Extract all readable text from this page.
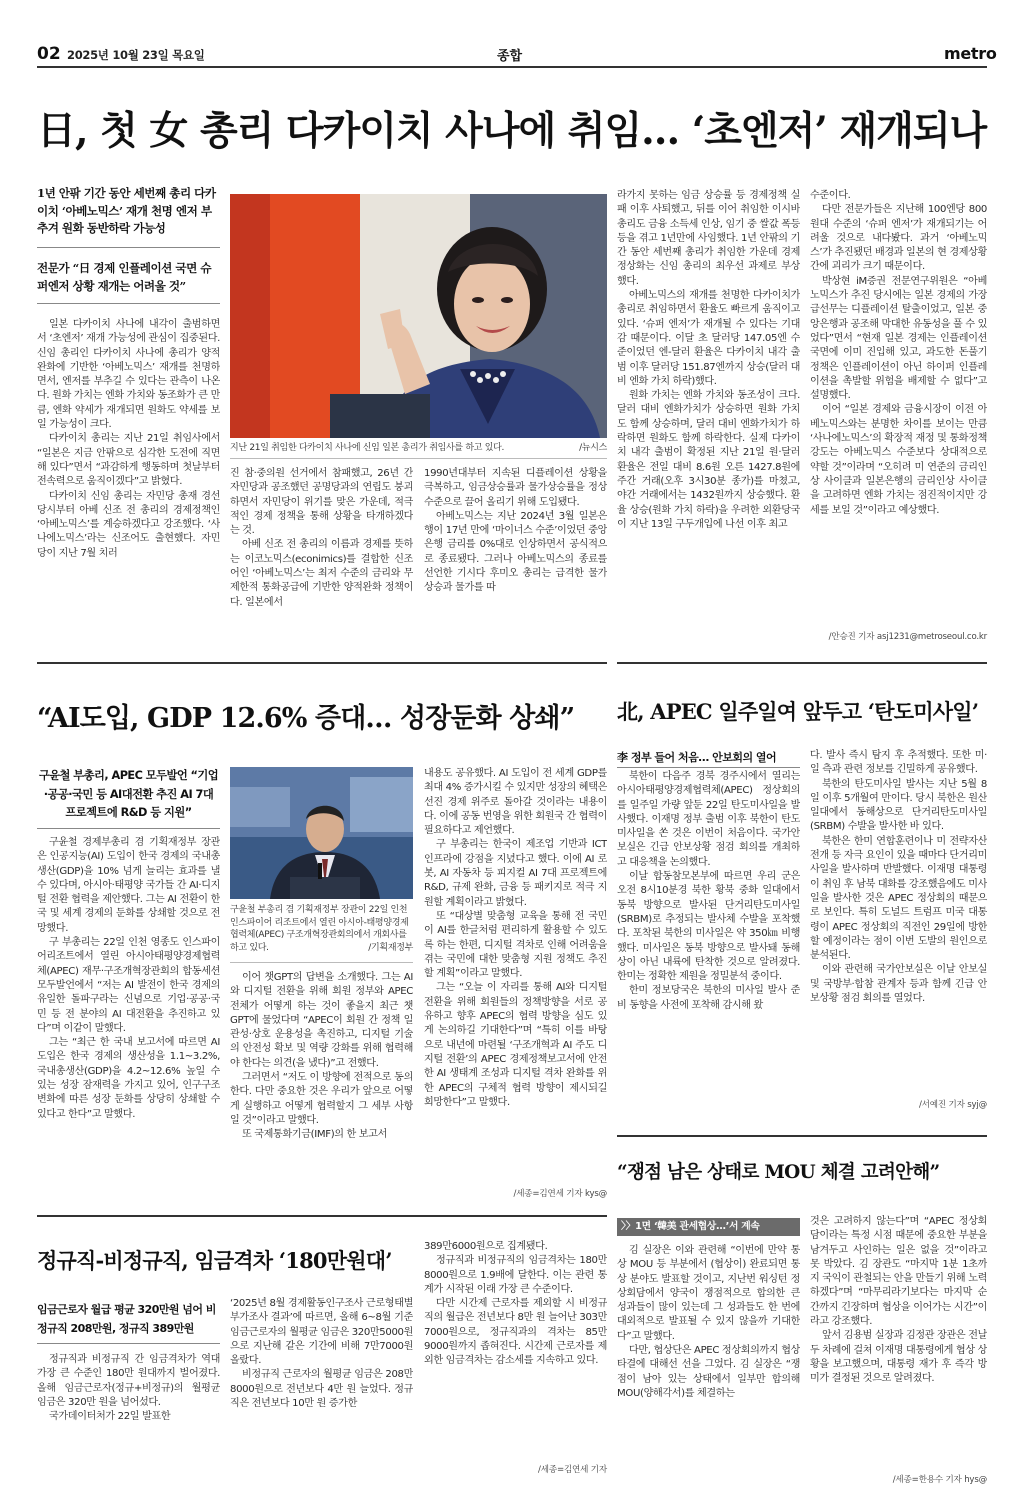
02 2025년 10월 23일 목요일	종합	metro
日, 첫 女 총리 다카이치 사나에 취임… ‘초엔저’ 재개되나
1년 안팎 기간 동안 세번째 총리 다카이치 ‘아베노믹스’ 재개 천명 엔저 부추겨 원화 동반하락 가능성
전문가 “日 경제 인플레이션 국면 슈퍼엔저 상황 재개는 어려울 것”

일본 다카이치 사나에 내각이 출범하면서 ‘초엔저’ 재개 가능성에 관심이 집중된다. 신임 총리인 다카이치 사나에 총리가 양적 완화에 기반한 ‘아베노믹스’ 재개를 천명하면서, 엔저를 부추길 수 있다는 관측이 나온다. 원화 가치는 엔화 가치와 동조화가 큰 만큼, 엔화 약세가 재개되면 원화도 약세를 보일 가능성이 크다.

다카이치 총리는 지난 21일 취임사에서 “일본은 지금 안팎으로 심각한 도전에 직면해 있다”면서 “과감하게 행동하며 첫날부터 전속력으로 움직이겠다”고 밝혔다.

다카이치 신임 총리는 자민당 총재 경선 당시부터 아베 신조 전 총리의 경제정책인 ‘아베노믹스’를 계승하겠다고 강조했다. ‘사나에노믹스’라는 신조어도 출현했다. 자민당이 지난 7월 치러

지난 21일 취임한 다카이치 사나에 신임 일본 총리가 취임사를 하고 있다.	/뉴시스

진 참·중의원 선거에서 참패했고, 26년 간 자민당과 공조했던 공명당과의 연립도 붕괴하면서 자민당이 위기를 맞은 가운데, 적극적인 경제 정책을 통해 상황을 타개하겠다는 것.

아베 신조 전 총리의 이름과 경제를 뜻하는 이코노믹스(econimics)를 결합한 신조어인 ‘아베노믹스’는 최저 수준의 금리와 무제한적 통화공급에 기반한 양적완화 정책이다. 일본에서

1990년대부터 지속된 디플레이션 상황을 극복하고, 임금상승률과 물가상승률을 정상 수준으로 끌어 올리기 위해 도입됐다.

아베노믹스는 지난 2024년 3월 일본은행이 17년 만에 ‘마이너스 수준’이었던 중앙은행 금리를 0%대로 인상하면서 공식적으로 종료됐다. 그러나 아베노믹스의 종료를 선언한 기시다 후미오 총리는 급격한 물가 상승과 물가를 따

라가지 못하는 임금 상승률 등 경제정책 실패 이후 사퇴했고, 뒤를 이어 취임한 이시바 총리도 금융 소득세 인상, 임기 중 쌀값 폭등 등을 겪고 1년만에 사임했다. 1년 안팎의 기간 동안 세번째 총리가 취임한 가운데 경제 정상화는 신임 총리의 최우선 과제로 부상했다.

아베노믹스의 재개를 천명한 다카이치가 총리로 취임하면서 환율도 빠르게 움직이고 있다. ‘슈퍼 엔저’가 재개될 수 있다는 기대감 때문이다. 이달 초 달러당 147.05엔 수준이었던 엔-달러 환율은 다카이치 내각 출범 이후 달러당 151.87엔까지 상승(달러 대비 엔화 가치 하락)했다.

원화 가치는 엔화 가치와 동조성이 크다. 달러 대비 엔화가치가 상승하면 원화 가치도 함께 상승하며, 달러 대비 엔화가치가 하락하면 원화도 함께 하락한다. 실제 다카이치 내각 출범이 확정된 지난 21일 원·달러 환율은 전일 대비 8.6원 오른 1427.8원에 주간 거래(오후 3시30분 종가)를 마쳤고, 야간 거래에서는 1432원까지 상승했다. 환율 상승(원화 가치 하락)을 우려한 외환당국이 지난 13일 구두개입에 나선 이후 최고

수준이다.

다만 전문가들은 지난해 100엔당 800원대 수준의 ‘슈퍼 엔저’가 재개되기는 어려울 것으로 내다봤다. 과거 ‘아베노믹스’가 추진됐던 배경과 일본의 현 경제상황 간에 괴리가 크기 때문이다.

박상현 iM증권 전문연구위원은 “아베노믹스가 추진 당시에는 일본 경제의 가장 급선무는 디플레이션 탈출이었고, 일본 중앙은행과 공조해 막대한 유동성을 풀 수 있었다”면서 “현재 일본 경제는 인플레이션 국면에 이미 진입해 있고, 과도한 돈풀기 정책은 인플레이션이 아닌 하이퍼 인플레이션을 촉발할 위험을 배제할 수 없다”고 설명했다.

이어 “일본 경제와 금융시장이 이전 아베노믹스와는 분명한 차이를 보이는 만큼 ‘사나에노믹스’의 확장적 재정 및 통화정책 강도는 아베노믹스 수준보다 상대적으로 약할 것”이라며 “오히려 미 연준의 금리인상 사이클과 일본은행의 금리인상 사이클을 고려하면 엔화 가치는 점진적이지만 강세를 보일 것”이라고 예상했다.

/안승진 기자 asj1231@metroseoul.co.kr
“AI도입, GDP 12.6% 증대… 성장둔화 상쇄”
구윤철 부총리, APEC 모두발언 “기업·공공·국민 등 AI대전환 추진 AI 7대 프로젝트에 R&D 등 지원”

구윤철 경제부총리 겸 기획재정부 장관은 인공지능(AI) 도입이 한국 경제의 국내총생산(GDP)을 10% 넘게 늘리는 효과를 낼 수 있다며, 아시아·태평양 국가들 간 AI·디지털 전환 협력을 제안했다. 그는 AI 전환이 한국 및 세계 경제의 둔화를 상쇄할 것으로 전망했다.

구 부총리는 22일 인천 영종도 인스파이어리조트에서 열린 아시아태평양경제협력체(APEC) 재무·구조개혁장관회의 합동세션 모두발언에서 “저는 AI 발전이 한국 경제의 유일한 돌파구라는 신념으로 기업·공공·국민 등 전 분야의 AI 대전환을 추진하고 있다”며 이같이 말했다.

그는 “최근 한 국내 보고서에 따르면 AI 도입은 한국 경제의 생산성을 1.1~3.2%, 국내총생산(GDP)을 4.2~12.6% 높일 수 있는 성장 잠재력을 가지고 있어, 인구구조 변화에 따른 성장 둔화를 상당히 상쇄할 수 있다고 한다”고 말했다.

구윤철 부총리 겸 기획재정부 장관이 22일 인천 인스파이어 리조트에서 열린 아시아-태평양경제협력체(APEC) 구조개혁장관회의에서 개회사를 하고 있다.	/기획재정부

이어 챗GPT의 답변을 소개했다. 그는 AI와 디지털 전환을 위해 회원 정부와 APEC 전체가 어떻게 하는 것이 좋을지 최근 챗GPT에 물었다며 “APEC이 회원 간 정책 일관성·상호 운용성을 촉진하고, 디지털 기술의 안전성 확보 및 역량 강화를 위해 협력해야 한다는 의견(을 냈다)”고 전했다.

그러면서 “저도 이 방향에 전적으로 동의한다. 다만 중요한 것은 우리가 앞으로 어떻게 실행하고 어떻게 협력할지 그 세부 사항일 것”이라고 말했다.

또 국제통화기금(IMF)의 한 보고서

내용도 공유했다. AI 도입이 전 세계 GDP를 최대 4% 증가시킬 수 있지만 성장의 혜택은 선진 경제 위주로 돌아갈 것이라는 내용이다. 이에 공동 번영을 위한 회원국 간 협력이 필요하다고 제언했다.

구 부총리는 한국이 제조업 기반과 ICT 인프라에 강점을 지녔다고 했다. 이에 AI 로봇, AI 자동차 등 피지컬 AI 7대 프로젝트에 R&D, 규제 완화, 금융 등 패키지로 적극 지원할 계획이라고 밝혔다.

또 “대상별 맞춤형 교육을 통해 전 국민이 AI를 한글처럼 편리하게 활용할 수 있도록 하는 한편, 디지털 격차로 인해 어려움을 겪는 국민에 대한 맞춤형 지원 정책도 추진할 계획”이라고 말했다.

그는 “오늘 이 자리를 통해 AI와 디지털 전환을 위해 회원들의 정책방향을 서로 공유하고 향후 APEC의 협력 방향을 심도 있게 논의하길 기대한다”며 “특히 이를 바탕으로 내년에 마련될 ‘구조개혁과 AI 주도 디지털 전환’의 APEC 경제정책보고서에 안전한 AI 생태계 조성과 디지털 격차 완화를 위한 APEC의 구체적 협력 방향이 제시되길 희망한다”고 말했다.

/세종=김연세 기자 kys@
北, APEC 일주일여 앞두고 ‘탄도미사일’
李 정부 들어 처음… 안보회의 열어

북한이 다음주 경북 경주시에서 열리는 아시아태평양경제협력체(APEC) 정상회의를 일주일 가량 앞둔 22일 탄도미사일을 발사했다. 이재명 정부 출범 이후 북한이 탄도미사일을 쏜 것은 이번이 처음이다. 국가안보실은 긴급 안보상황 점검 회의를 개최하고 대응책을 논의했다.

이날 합동참모본부에 따르면 우리 군은 오전 8시10분경 북한 황북 중화 일대에서 동북 방향으로 발사된 단거리탄도미사일(SRBM)로 추정되는 발사체 수발을 포착했다. 포착된 북한의 미사일은 약 350㎞ 비행했다. 미사일은 동북 방향으로 발사돼 동해상이 아닌 내륙에 탄착한 것으로 알려졌다. 한미는 정확한 제원을 정밀분석 중이다.

한미 정보당국은 북한의 미사일 발사 준비 동향을 사전에 포착해 감시해 왔

다. 발사 즉시 탐지 후 추적했다. 또한 미·일 측과 관련 정보를 긴밀하게 공유했다.

북한의 탄도미사일 발사는 지난 5월 8일 이후 5개월여 만이다. 당시 북한은 원산 일대에서 동해상으로 단거리탄도미사일(SRBM) 수발을 발사한 바 있다.

북한은 한미 연합훈련이나 미 전략자산 전개 등 자극 요인이 있을 때마다 단거리미사일을 발사하며 반발했다. 이재명 대통령이 취임 후 남북 대화를 강조했음에도 미사일을 발사한 것은 APEC 정상회의 때문으로 보인다. 특히 도널드 트럼프 미국 대통령이 APEC 정상회의 직전인 29일에 방한할 예정이라는 점이 이번 도발의 원인으로 분석된다.

이와 관련해 국가안보실은 이날 안보실 및 국방부·합참 관계자 등과 함께 긴급 안보상황 점검 회의를 열었다.

/서예진 기자 syj@
“쟁점 남은 상태로 MOU 체결 고려안해”
〉〉1면 ‘韓美 관세협상…’서 계속

김 실장은 이와 관련해 “이번에 만약 통상 MOU 등 부분에서 (협상이) 완료되면 통상 분야도 발표할 것이고, 지난번 워싱턴 정상회담에서 양국이 쟁점적으로 합의한 큰 성과들이 많이 있는데 그 성과들도 한 번에 대외적으로 발표될 수 있지 않을까 기대한다”고 말했다.

다만, 협상단은 APEC 정상회의까지 협상 타결에 대해선 선을 그었다. 김 실장은 “쟁점이 남아 있는 상태에서 일부만 합의해 MOU(양해각서)를 체결하는

것은 고려하지 않는다”며 “APEC 정상회담이라는 특정 시점 때문에 중요한 부분을 남겨두고 사인하는 일은 없을 것”이라고 못 박았다. 김 장관도 “마지막 1분 1초까지 국익이 관철되는 안을 만들기 위해 노력하겠다”며 “마무리라기보다는 마지막 순간까지 긴장하며 협상을 이어가는 시간”이라고 강조했다.

앞서 김용범 실장과 김정관 장관은 전날 두 차례에 걸쳐 이재명 대통령에게 협상 상황을 보고했으며, 대통령 재가 후 즉각 방미가 결정된 것으로 알려졌다.

/세종=한용수 기자 hys@
정규직-비정규직, 임금격차 ‘180만원대’
임금근로자 월급 평균 320만원 넘어 비정규직 208만원, 정규직 389만원

정규직과 비정규직 간 임금격차가 역대 가장 큰 수준인 180만 원대까지 벌어졌다. 올해 임금근로자(정규+비정규)의 월평균 임금은 320만 원을 넘어섰다.

국가데이터처가 22일 발표한

‘2025년 8월 경제활동인구조사 근로형태별 부가조사 결과’에 따르면, 올해 6~8월 기준 임금근로자의 월평균 임금은 320만5000원으로 지난해 같은 기간에 비해 7만7000원 올랐다.

비정규직 근로자의 월평균 임금은 208만8000원으로 전년보다 4만 원 늘었다. 정규직은 전년보다 10만 원 증가한

389만6000원으로 집계됐다.

정규직과 비정규직의 임금격차는 180만8000원으로 1.9배에 달한다. 이는 관련 통계가 시작된 이래 가장 큰 수준이다.

다만 시간제 근로자를 제외할 시 비정규직의 월급은 전년보다 8만 원 늘어난 303만7000원으로, 정규직과의 격차는 85만9000원까지 좁혀진다. 시간제 근로자를 제외한 임금격차는 감소세를 지속하고 있다.

/세종=김연세 기자
